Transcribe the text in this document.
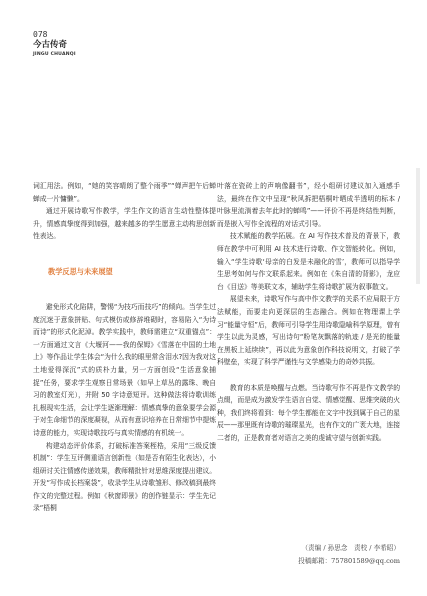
078
今古传奇
JINGU CHUANQI

词汇用法。例如，“她的笑容晴朗了整个雨季”“婵声把午后蝉蝉成一片慵懒”。

通过开展诗歌写作教学，学生作文的语言生动性整体提升，情感真挚度得到加强，越来越多的学生愿意主动构思创新性表达。

教学反思与未来展望

避免形式化陷阱，警惕“为技巧而技巧”的倾向。当学生过度沉迷于意象拼贴、句式模仿或修辞堆砌时，容易陷入“为诗而诗”的形式化泥淖。教学实践中，教师需建立“双重锚点”：一方面通过文言《大堰河——我的保姆》《雪落在中国的土地上》等作品让学生体会“为什么我的眼里常含泪水?因为我对这土地爱得深沉”式的质朴力量，另一方面创设“生活意象捕捉”任务，要求学生观察日常场景（如早上草丛的露珠、晚自习的教室灯光），并附 50 字诗意短评。这种做法将诗歌训练扎根现实生活，会让学生逐渐理解：情感真挚的意象要学会源于对生命细节的深度凝视，从而有意识培养在日常细节中提炼诗意的能力，实现诗歌技巧与真实情感的有机统一。

构建动态评价体系，打破标准答案桎梏，采用“三级反馈机制”：学生互评侧重语言创新性（如是否有陌生化表达），小组研讨关注情感传递效果，教师精批针对思维深度提出建议。开发“写作成长档案袋”，收录学生从诗歌雏形、修改稿到最终作文的完整过程。例如《秋窗即景》的创作链显示：学生先记录“梧桐

叶落在瓷砖上的声响像翻书”，经小组研讨建议加入通感手法，最终在作文中呈现“秋风拆把梧桐叶晒成半透明的标本 / 叶脉里流淌着去年此时的蝉鸣”——评价不再是终结性判断，而是嵌入写作全流程的对话式引导。

技术赋能的教学拓展。在 AI 写作技术普及的背景下，教师在教学中可利用 AI 技术进行诗歌、作文智能转化。例如，输入“学生诗歌‘母亲的白发是未融化的雪’，教师可以指导学生思考如何与作文联系起来。例如在《朱自清的背影》，龙应台《目送》等美联文本，辅助学生将诗歌扩展为叙事散文。

展望未来，诗歌写作与高中作文教学的关系不应局限于方法赋能，而要走向更深层的生态融合。例如在物理课上学习“能量守恒”后，教师可引导学生用诗歌隐喻科学原理，曾有学生以此为灵感，写出诗句“粉笔灰飘落的轨迹 / 是光的能量在黑板上延续续”，再以此为意象创作科技说明文，打破了学科壁垒，实现了科学严谨性与文学感染力的奇妙共振。

教育的本质是唤醒与点燃。当诗歌写作不再是作文教学的点缀，而是成为激发学生语言自觉、情感觉醒、思维突破的火种，我们终将看到：每个学生都能在文字中找到属于自己的星辰——那里既有诗歌的璀璨星光，也有作文的广袤大地，连接二者的，正是教育者对语言之美的虔诚守望与创新实践。

（责编 / 孙思念　责校 / 李希昭）
投稿邮箱：757801589@qq.com
